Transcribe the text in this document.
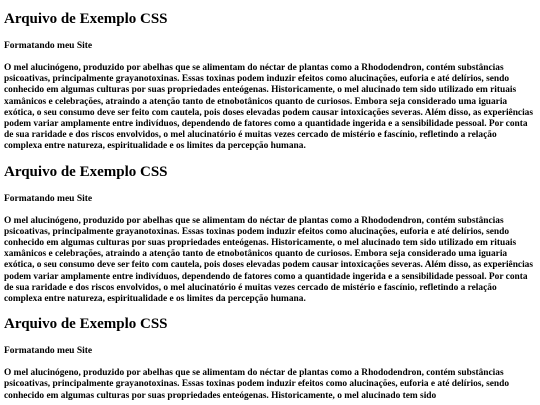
Arquivo de Exemplo CSS
Formatando meu Site

O mel alucinógeno, produzido por abelhas que se alimentam do néctar de plantas como a Rhododendron, contém substâncias psicoativas, principalmente grayanotoxinas. Essas toxinas podem induzir efeitos como alucinações, euforia e até delírios, sendo conhecido em algumas culturas por suas propriedades enteógenas. Historicamente, o mel alucinado tem sido utilizado em rituais xamânicos e celebrações, atraindo a atenção tanto de etnobotânicos quanto de curiosos. Embora seja considerado uma iguaria exótica, o seu consumo deve ser feito com cautela, pois doses elevadas podem causar intoxicações severas. Além disso, as experiências podem variar amplamente entre indivíduos, dependendo de fatores como a quantidade ingerida e a sensibilidade pessoal. Por conta de sua raridade e dos riscos envolvidos, o mel alucinatório é muitas vezes cercado de mistério e fascínio, refletindo a relação complexa entre natureza, espiritualidade e os limites da percepção humana.

Arquivo de Exemplo CSS
Formatando meu Site

O mel alucinógeno, produzido por abelhas que se alimentam do néctar de plantas como a Rhododendron, contém substâncias psicoativas, principalmente grayanotoxinas. Essas toxinas podem induzir efeitos como alucinações, euforia e até delírios, sendo conhecido em algumas culturas por suas propriedades enteógenas. Historicamente, o mel alucinado tem sido utilizado em rituais xamânicos e celebrações, atraindo a atenção tanto de etnobotânicos quanto de curiosos. Embora seja considerado uma iguaria exótica, o seu consumo deve ser feito com cautela, pois doses elevadas podem causar intoxicações severas. Além disso, as experiências podem variar amplamente entre indivíduos, dependendo de fatores como a quantidade ingerida e a sensibilidade pessoal. Por conta de sua raridade e dos riscos envolvidos, o mel alucinatório é muitas vezes cercado de mistério e fascínio, refletindo a relação complexa entre natureza, espiritualidade e os limites da percepção humana.

Arquivo de Exemplo CSS
Formatando meu Site

O mel alucinógeno, produzido por abelhas que se alimentam do néctar de plantas como a Rhododendron, contém substâncias psicoativas, principalmente grayanotoxinas. Essas toxinas podem induzir efeitos como alucinações, euforia e até delírios, sendo conhecido em algumas culturas por suas propriedades enteógenas. Historicamente, o mel alucinado tem sido
